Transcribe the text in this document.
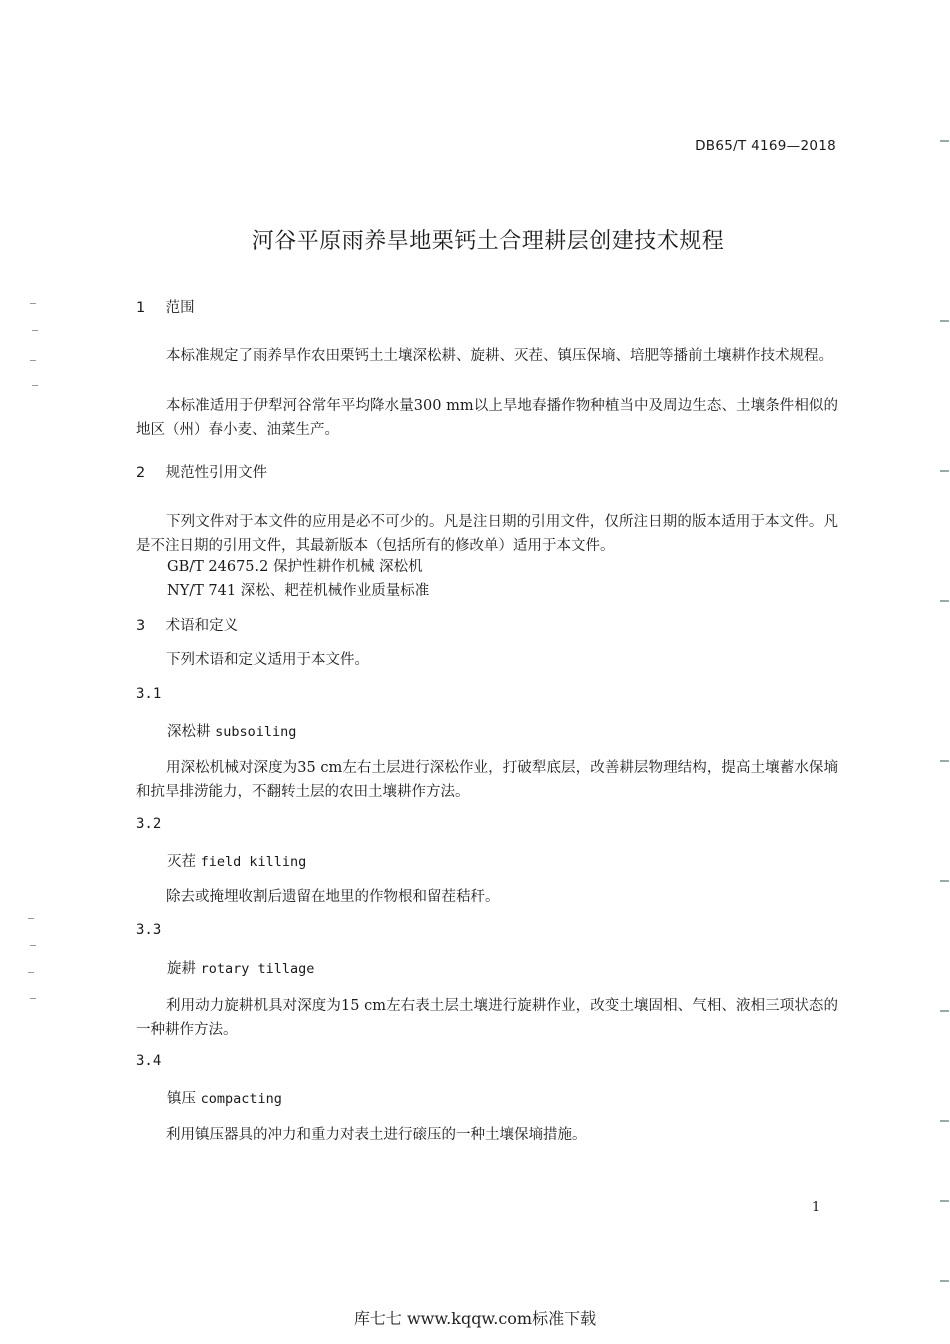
DB65/T 4169—2018
河谷平原雨养旱地栗钙土合理耕层创建技术规程
1 范围
本标准规定了雨养旱作农田栗钙土土壤深松耕、旋耕、灭茬、镇压保墒、培肥等播前土壤耕作技术规程。
本标准适用于伊犁河谷常年平均降水量300 mm以上旱地春播作物种植当中及周边生态、土壤条件相似的地区（州）春小麦、油菜生产。
2 规范性引用文件
下列文件对于本文件的应用是必不可少的。凡是注日期的引用文件，仅所注日期的版本适用于本文件。凡是不注日期的引用文件，其最新版本（包括所有的修改单）适用于本文件。
GB/T 24675.2 保护性耕作机械 深松机
NY/T 741 深松、耙茬机械作业质量标准
3 术语和定义
下列术语和定义适用于本文件。
3.1
深松耕 subsoiling
用深松机械对深度为35 cm左右土层进行深松作业，打破犁底层，改善耕层物理结构，提高土壤蓄水保墒和抗旱排涝能力，不翻转土层的农田土壤耕作方法。
3.2
灭茬 field killing
除去或掩埋收割后遗留在地里的作物根和留茬秸秆。
3.3
旋耕 rotary tillage
利用动力旋耕机具对深度为15 cm左右表土层土壤进行旋耕作业，改变土壤固相、气相、液相三项状态的一种耕作方法。
3.4
镇压 compacting
利用镇压器具的冲力和重力对表土进行磙压的一种土壤保墒措施。
1
库七七 www.kqqw.com标准下载
